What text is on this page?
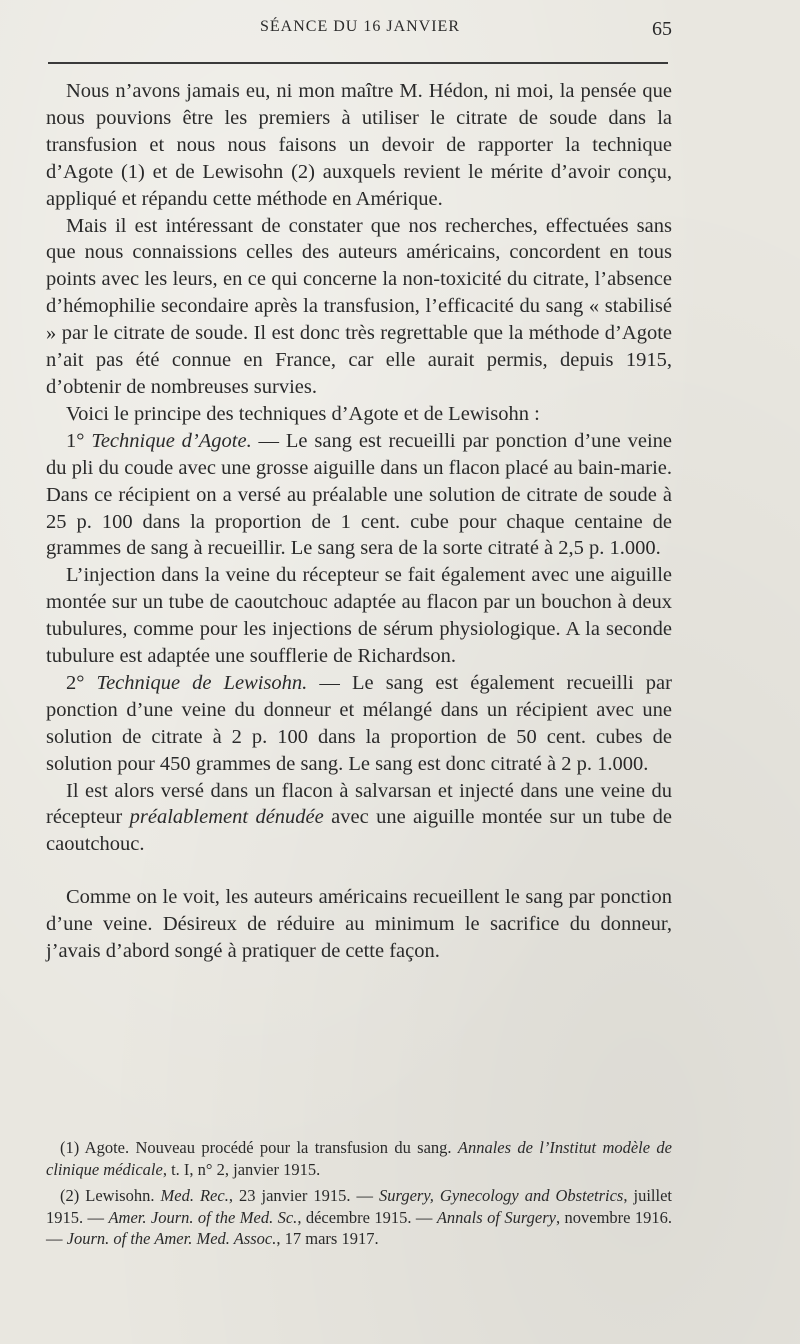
SÉANCE DU 16 JANVIER	65

Nous n’avons jamais eu, ni mon maître M. Hédon, ni moi, la pensée que nous pouvions être les premiers à utiliser le citrate de soude dans la transfusion et nous nous faisons un devoir de rapporter la technique d’Agote (1) et de Lewisohn (2) auxquels revient le mérite d’avoir conçu, appliqué et répandu cette méthode en Amérique.

Mais il est intéressant de constater que nos recherches, effectuées sans que nous connaissions celles des auteurs américains, concordent en tous points avec les leurs, en ce qui concerne la non-toxicité du citrate, l’absence d’hémophilie secondaire après la transfusion, l’efficacité du sang « stabilisé » par le citrate de soude. Il est donc très regrettable que la méthode d’Agote n’ait pas été connue en France, car elle aurait permis, depuis 1915, d’obtenir de nombreuses survies.

Voici le principe des techniques d’Agote et de Lewisohn :

1° Technique d’Agote. — Le sang est recueilli par ponction d’une veine du pli du coude avec une grosse aiguille dans un flacon placé au bain-marie. Dans ce récipient on a versé au préalable une solution de citrate de soude à 25 p. 100 dans la proportion de 1 cent. cube pour chaque centaine de grammes de sang à recueillir. Le sang sera de la sorte citraté à 2,5 p. 1.000.

L’injection dans la veine du récepteur se fait également avec une aiguille montée sur un tube de caoutchouc adaptée au flacon par un bouchon à deux tubulures, comme pour les injections de sérum physiologique. A la seconde tubulure est adaptée une soufflerie de Richardson.

2° Technique de Lewisohn. — Le sang est également recueilli par ponction d’une veine du donneur et mélangé dans un récipient avec une solution de citrate à 2 p. 100 dans la proportion de 50 cent. cubes de solution pour 450 grammes de sang. Le sang est donc citraté à 2 p. 1.000.

Il est alors versé dans un flacon à salvarsan et injecté dans une veine du récepteur préalablement dénudée avec une aiguille montée sur un tube de caoutchouc.

Comme on le voit, les auteurs américains recueillent le sang par ponction d’une veine. Désireux de réduire au minimum le sacrifice du donneur, j’avais d’abord songé à pratiquer de cette façon.

(1) Agote. Nouveau procédé pour la transfusion du sang. Annales de l’Institut modèle de clinique médicale, t. I, n° 2, janvier 1915.

(2) Lewisohn. Med. Rec., 23 janvier 1915. — Surgery, Gynecology and Obstetrics, juillet 1915. — Amer. Journ. of the Med. Sc., décembre 1915. — Annals of Surgery, novembre 1916. — Journ. of the Amer. Med. Assoc., 17 mars 1917.
